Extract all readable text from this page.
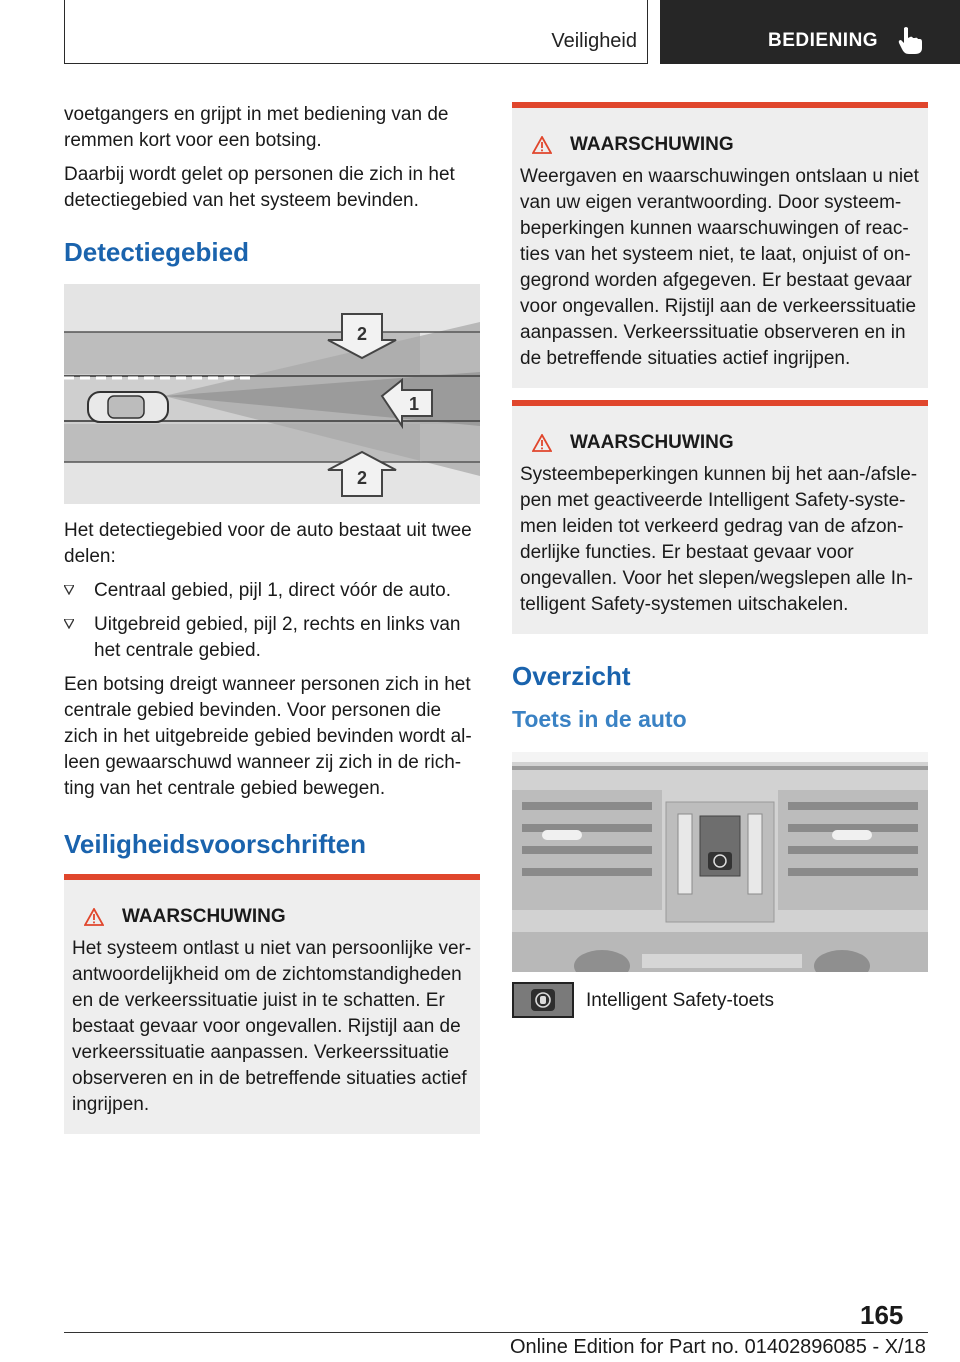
Veiligheid	BEDIENING

voetgangers en grijpt in met bediening van de remmen kort voor een botsing.

Daarbij wordt gelet op personen die zich in het detectiegebied van het systeem bevinden.

Detectiegebied
2
1
2

Het detectiegebied voor de auto bestaat uit twee delen:

Centraal gebied, pijl 1, direct vóór de auto.
Uitgebreid gebied, pijl 2, rechts en links van het centrale gebied.

Een botsing dreigt wanneer personen zich in het centrale gebied bevinden. Voor personen die zich in het uitgebreide gebied bevinden wordt al- leen gewaarschuwd wanneer zij zich in de rich- ting van het centrale gebied bewegen.

Veiligheidsvoorschriften
WAARSCHUWING
Het systeem ontlast u niet van persoonlijke ver- antwoordelijkheid om de zichtomstandigheden en de verkeerssituatie juist in te schatten. Er bestaat gevaar voor ongevallen. Rijstijl aan de verkeerssituatie aanpassen. Verkeerssituatie observeren en in de betreffende situaties actief ingrijpen.
WAARSCHUWING
Weergaven en waarschuwingen ontslaan u niet van uw eigen verantwoording. Door systeem- beperkingen kunnen waarschuwingen of reac- ties van het systeem niet, te laat, onjuist of on- gegrond worden afgegeven. Er bestaat gevaar voor ongevallen. Rijstijl aan de verkeerssituatie aanpassen. Verkeerssituatie observeren en in de betreffende situaties actief ingrijpen.
WAARSCHUWING
Systeembeperkingen kunnen bij het aan-/afsle- pen met geactiveerde Intelligent Safety-syste- men leiden tot verkeerd gedrag van de afzon- derlijke functies. Er bestaat gevaar voor ongevallen. Voor het slepen/wegslepen alle In- telligent Safety-systemen uitschakelen.
Overzicht
Toets in de auto
Intelligent Safety-toets
165
Online Edition for Part no. 01402896085 - X/18
